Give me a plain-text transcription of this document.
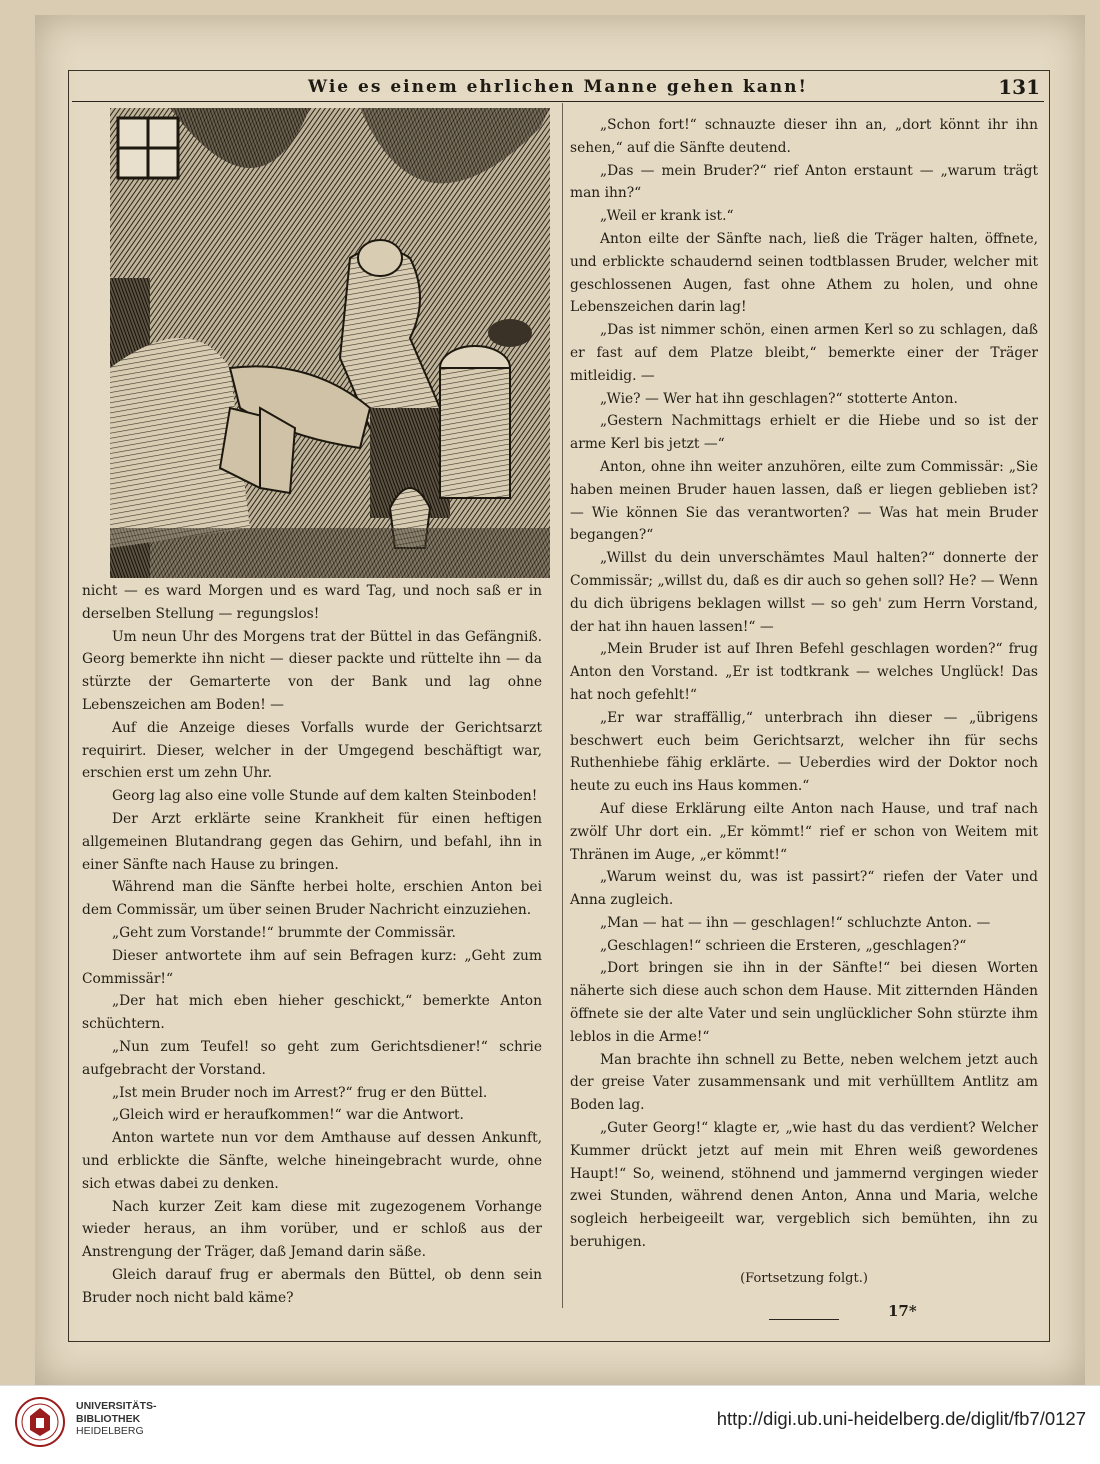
Wie es einem ehrlichen Manne gehen kann!	131

nicht — es ward Morgen und es ward Tag, und noch saß er in derselben Stellung — regungslos!

Um neun Uhr des Morgens trat der Büttel in das Gefängniß. Georg bemerkte ihn nicht — dieser packte und rüttelte ihn — da stürzte der Gemarterte von der Bank und lag ohne Lebenszeichen am Boden! —

Auf die Anzeige dieses Vorfalls wurde der Gerichtsarzt requirirt. Dieser, welcher in der Umgegend beschäftigt war, erschien erst um zehn Uhr.

Georg lag also eine volle Stunde auf dem kalten Steinboden!

Der Arzt erklärte seine Krankheit für einen heftigen allgemeinen Blutandrang gegen das Gehirn, und befahl, ihn in einer Sänfte nach Hause zu bringen.

Während man die Sänfte herbei holte, erschien Anton bei dem Commissär, um über seinen Bruder Nachricht einzuziehen.

„Geht zum Vorstande!“ brummte der Commissär.

Dieser antwortete ihm auf sein Befragen kurz: „Geht zum Commissär!“

„Der hat mich eben hieher geschickt,“ bemerkte Anton schüchtern.

„Nun zum Teufel! so geht zum Gerichtsdiener!“ schrie aufgebracht der Vorstand.

„Ist mein Bruder noch im Arrest?“ frug er den Büttel.

„Gleich wird er heraufkommen!“ war die Antwort.

Anton wartete nun vor dem Amthause auf dessen Ankunft, und erblickte die Sänfte, welche hineingebracht wurde, ohne sich etwas dabei zu denken.

Nach kurzer Zeit kam diese mit zugezogenem Vorhange wieder heraus, an ihm vorüber, und er schloß aus der Anstrengung der Träger, daß Jemand darin säße.

Gleich darauf frug er abermals den Büttel, ob denn sein Bruder noch nicht bald käme?

„Schon fort!“ schnauzte dieser ihn an, „dort könnt ihr ihn sehen,“ auf die Sänfte deutend.

„Das — mein Bruder?“ rief Anton erstaunt — „warum trägt man ihn?“

„Weil er krank ist.“

Anton eilte der Sänfte nach, ließ die Träger halten, öffnete, und erblickte schaudernd seinen todtblassen Bruder, welcher mit geschlossenen Augen, fast ohne Athem zu holen, und ohne Lebenszeichen darin lag!

„Das ist nimmer schön, einen armen Kerl so zu schlagen, daß er fast auf dem Platze bleibt,“ bemerkte einer der Träger mitleidig. —

„Wie? — Wer hat ihn geschlagen?“ stotterte Anton.

„Gestern Nachmittags erhielt er die Hiebe und so ist der arme Kerl bis jetzt —“

Anton, ohne ihn weiter anzuhören, eilte zum Commissär: „Sie haben meinen Bruder hauen lassen, daß er liegen geblieben ist? — Wie können Sie das verantworten? — Was hat mein Bruder begangen?“

„Willst du dein unverschämtes Maul halten?“ donnerte der Commissär; „willst du, daß es dir auch so gehen soll? He? — Wenn du dich übrigens beklagen willst — so geh' zum Herrn Vorstand, der hat ihn hauen lassen!“ —

„Mein Bruder ist auf Ihren Befehl geschlagen worden?“ frug Anton den Vorstand. „Er ist todtkrank — welches Unglück! Das hat noch gefehlt!“

„Er war straffällig,“ unterbrach ihn dieser — „übrigens beschwert euch beim Gerichtsarzt, welcher ihn für sechs Ruthenhiebe fähig erklärte. — Ueberdies wird der Doktor noch heute zu euch ins Haus kommen.“

Auf diese Erklärung eilte Anton nach Hause, und traf nach zwölf Uhr dort ein. „Er kömmt!“ rief er schon von Weitem mit Thränen im Auge, „er kömmt!“

„Warum weinst du, was ist passirt?“ riefen der Vater und Anna zugleich.

„Man — hat — ihn — geschlagen!“ schluchzte Anton. —

„Geschlagen!“ schrieen die Ersteren, „geschlagen?“

„Dort bringen sie ihn in der Sänfte!“ bei diesen Worten näherte sich diese auch schon dem Hause. Mit zitternden Händen öffnete sie der alte Vater und sein unglücklicher Sohn stürzte ihm leblos in die Arme!“

Man brachte ihn schnell zu Bette, neben welchem jetzt auch der greise Vater zusammensank und mit verhülltem Antlitz am Boden lag.

„Guter Georg!“ klagte er, „wie hast du das verdient? Welcher Kummer drückt jetzt auf mein mit Ehren weiß gewordenes Haupt!“ So, weinend, stöhnend und jammernd vergingen wieder zwei Stunden, während denen Anton, Anna und Maria, welche sogleich herbeigeeilt war, vergeblich sich bemühten, ihn zu beruhigen.

(Fortsetzung folgt.)

17*
UNIVERSITÄTS-
BIBLIOTHEK
HEIDELBERG
http://digi.ub.uni-heidelberg.de/diglit/fb7/0127
